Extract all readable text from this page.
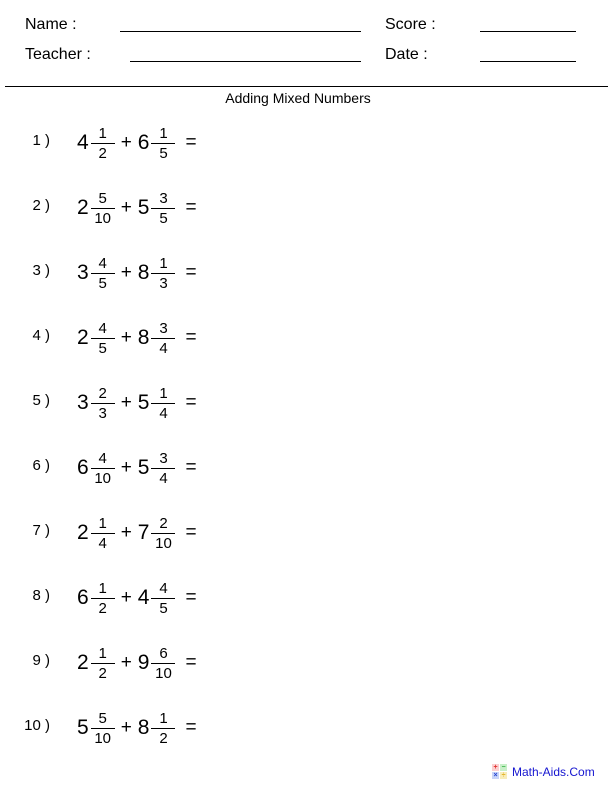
Name :	Score :
Teacher :	Date :
Adding Mixed Numbers
1 ) $4 \frac{1}{2} + 6 \frac{1}{5}$ =
2 ) $2 \frac{5}{10} + 5 \frac{3}{5}$ =
3 ) $3 \frac{4}{5} + 8 \frac{1}{3}$ =
4 ) $2 \frac{4}{5} + 8 \frac{3}{4}$ =
5 ) $3 \frac{2}{3} + 5 \frac{1}{4}$ =
6 ) $6 \frac{4}{10} + 5 \frac{3}{4}$ =
7 ) $2 \frac{1}{4} + 7 \frac{2}{10}$ =
8 ) $6 \frac{1}{2} + 4 \frac{4}{5}$ =
9 ) $2 \frac{1}{2} + 9 \frac{6}{10}$ =
10 ) $5 \frac{5}{10} + 8 \frac{1}{2}$ =
+ −
× ÷ Math-Aids.Com
